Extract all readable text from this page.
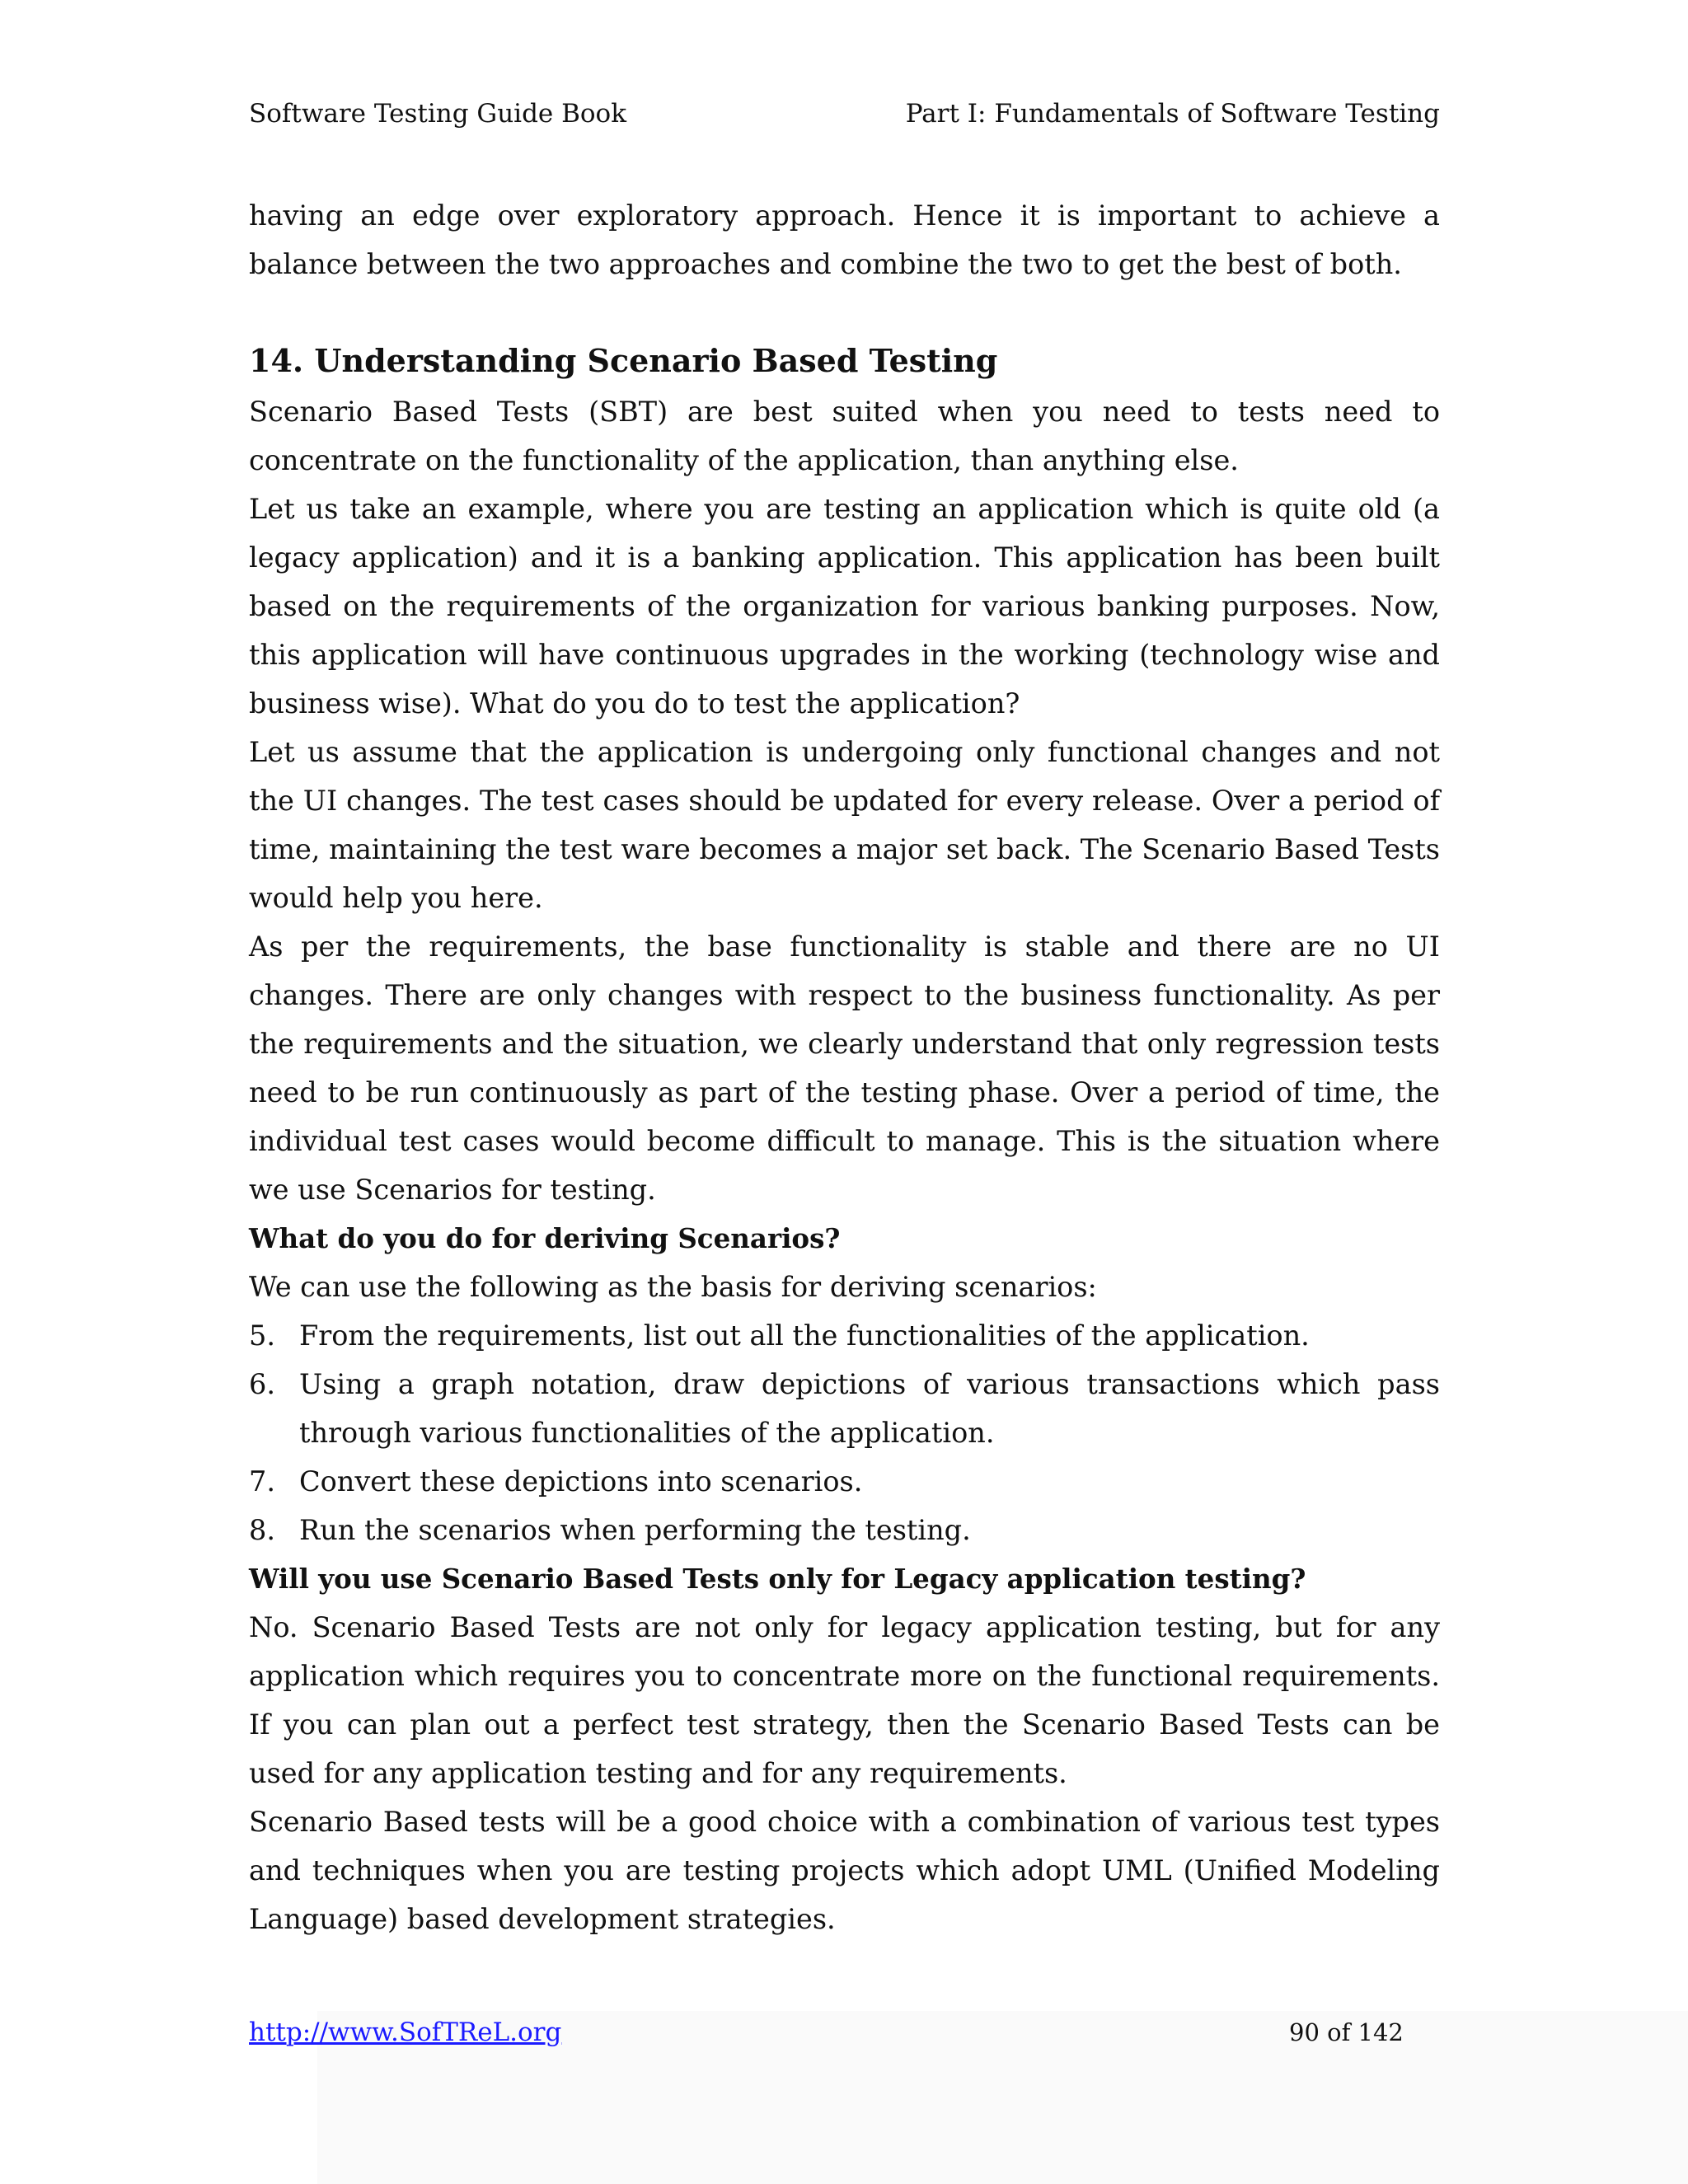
Software Testing Guide Book	Part I: Fundamentals of Software Testing

having an edge over exploratory approach. Hence it is important to achieve a balance between the two approaches and combine the two to get the best of both.

14. Understanding Scenario Based Testing

Scenario Based Tests (SBT) are best suited when you need to tests need to concentrate on the functionality of the application, than anything else.

Let us take an example, where you are testing an application which is quite old (a legacy application) and it is a banking application. This application has been built based on the requirements of the organization for various banking purposes. Now, this application will have continuous upgrades in the working (technology wise and business wise). What do you do to test the application?

Let us assume that the application is undergoing only functional changes and not the UI changes. The test cases should be updated for every release. Over a period of time, maintaining the test ware becomes a major set back. The Scenario Based Tests would help you here.

As per the requirements, the base functionality is stable and there are no UI changes. There are only changes with respect to the business functionality. As per the requirements and the situation, we clearly understand that only regression tests need to be run continuously as part of the testing phase. Over a period of time, the individual test cases would become difficult to manage. This is the situation where we use Scenarios for testing.

What do you do for deriving Scenarios?

We can use the following as the basis for deriving scenarios:

5. From the requirements, list out all the functionalities of the application.
6. Using a graph notation, draw depictions of various transactions which pass through various functionalities of the application.
7. Convert these depictions into scenarios.
8. Run the scenarios when performing the testing.

Will you use Scenario Based Tests only for Legacy application testing?

No. Scenario Based Tests are not only for legacy application testing, but for any application which requires you to concentrate more on the functional requirements. If you can plan out a perfect test strategy, then the Scenario Based Tests can be used for any application testing and for any requirements.

Scenario Based tests will be a good choice with a combination of various test types and techniques when you are testing projects which adopt UML (Unified Modeling Language) based development strategies.

http://www.SofTReL.org	90 of 142
